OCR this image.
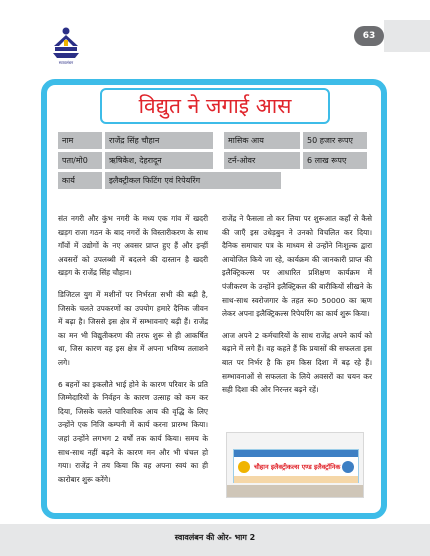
स्वावलंबन
63
विद्युत ने जगाई आस
नाम	राजेंद्र सिंह चौहान	मासिक आय	50 हजार रूपए
पता/मो0	ऋषिकेश, देहरादून	टर्न-ओवर	6 लाख रूपए
कार्य	इलैक्ट्रीकल फिटिंग एवं रिपेयरिंग

संत नगरी और कुंभ नगरी के मध्य एक गांव में खदरी खड़ग राजा गठन के बाद नगरों के विस्तारीकरण के साथ गाँवों में उद्योगों के नए अवसर प्राप्त हुए हैं और इन्हीं अवसरों को उपलब्धी में बदलने की दास्तान है खदरी खड़ग के राजेंद्र सिंह चौहान।

डिजिटल युग में मशीनों पर निर्भरता सभी की बढ़ी है, जिसके चलते उपकरणों का उपयोग हमारे दैनिक जीवन में बढ़ा है। जिससे इस क्षेत्र में सम्भावनाएं बढ़ी हैं। राजेंद्र का मन भी विद्युतीकरण की तरफ शुरू से ही आकर्षित था, जिस कारण वह इस क्षेत्र में अपना भविष्य तलाशने लगे।

6 बहनों का इकलौते भाई होने के कारण परिवार के प्रति जिम्मेदारियों के निर्वहन के कारण उत्साह को कम कर दिया, जिसके चलते पारिवारिक आय की वृद्धि के लिए उन्होंने एक निजि कम्पनी में कार्य करना प्रारम्भ किया। जहां उन्होंने लगभग 2 वर्षों तक कार्य किया। समय के साथ-साथ नहीं बढ़ने के कारण मन और भी चंचल हो गया। राजेंद्र ने तय किया कि वह अपना स्वयं का ही कारोबार शुरू करेंगे।

राजेंद्र ने फैसला तो कर लिया पर शुरूआत कहाँ से कैसे की जाएँ इस उधेड़बुन ने उनको विचलित कर दिया। दैनिक समाचार पत्र के माध्यम से उन्होंने निःशुल्क द्वारा आयोजित किये जा रहे, कार्यक्रम की जानकारी प्राप्त की इलैक्ट्रिकल्स पर आधारित प्रशिक्षण कार्यक्रम में पंजीकरण के उन्होंने इलैक्ट्रिकल की बारीकियों सीखने के साथ-साथ स्वरोजगार के तहत रू0 50000 का ऋण लेकर अपना इलैक्ट्रिकल्स रिपेयरिंग का कार्य शुरू किया।

आज अपने 2 कर्मचारियों के साथ राजेंद्र अपने कार्य को बढ़ाने में लगे हैं। वह कहते हैं कि प्रयासों की सफलता इस बात पर निर्भर है कि हम किस दिशा में बढ़ रहे हैं। सम्भावनाओं से सफलता के लिये अवसरों का चयन कर सही दिशा की ओर निरन्तर बढ़ने रहें।

चौहान इलैक्ट्रीकल्स एण्ड इलैक्ट्रॉनिक
स्वावलंबन की ओर- भाग 2
